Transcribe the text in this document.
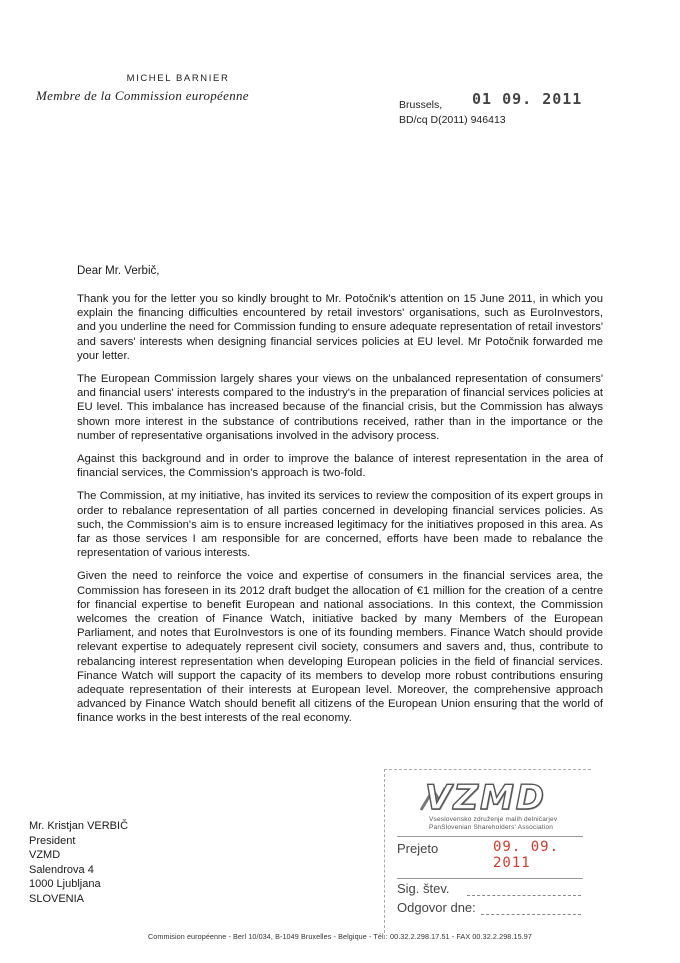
MICHEL BARNIER
Membre de la Commission européenne
Brussels, 01 09. 2011
BD/cq D(2011) 946413
Dear Mr. Verbič,

Thank you for the letter you so kindly brought to Mr. Potočnik's attention on 15 June 2011, in which you explain the financing difficulties encountered by retail investors' organisations, such as EuroInvestors, and you underline the need for Commission funding to ensure adequate representation of retail investors' and savers' interests when designing financial services policies at EU level. Mr Potočnik forwarded me your letter.

The European Commission largely shares your views on the unbalanced representation of consumers' and financial users' interests compared to the industry's in the preparation of financial services policies at EU level. This imbalance has increased because of the financial crisis, but the Commission has always shown more interest in the substance of contributions received, rather than in the importance or the number of representative organisations involved in the advisory process.

Against this background and in order to improve the balance of interest representation in the area of financial services, the Commission's approach is two-fold.

The Commission, at my initiative, has invited its services to review the composition of its expert groups in order to rebalance representation of all parties concerned in developing financial services policies. As such, the Commission's aim is to ensure increased legitimacy for the initiatives proposed in this area. As far as those services I am responsible for are concerned, efforts have been made to rebalance the representation of various interests.

Given the need to reinforce the voice and expertise of consumers in the financial services area, the Commission has foreseen in its 2012 draft budget the allocation of €1 million for the creation of a centre for financial expertise to benefit European and national associations. In this context, the Commission welcomes the creation of Finance Watch, initiative backed by many Members of the European Parliament, and notes that EuroInvestors is one of its founding members. Finance Watch should provide relevant expertise to adequately represent civil society, consumers and savers and, thus, contribute to rebalancing interest representation when developing European policies in the field of financial services. Finance Watch will support the capacity of its members to develop more robust contributions ensuring adequate representation of their interests at European level. Moreover, the comprehensive approach advanced by Finance Watch should benefit all citizens of the European Union ensuring that the world of finance works in the best interests of the real economy.

Mr. Kristjan VERBIČ
President
VZMD
Salendrova 4
1000 Ljubljana
SLOVENIA
VZMD
Vseslovensko združenje malih delničarjev
PanSlovenian Shareholders' Association
Prejeto	09. 09. 2011
Sig. štev.
Odgovor dne:
Commision européenne - Berl 10/034, B-1049 Bruxelles - Belgique - Tél.: 00.32.2.298.17.51 - FAX 00.32.2.298.15.97
